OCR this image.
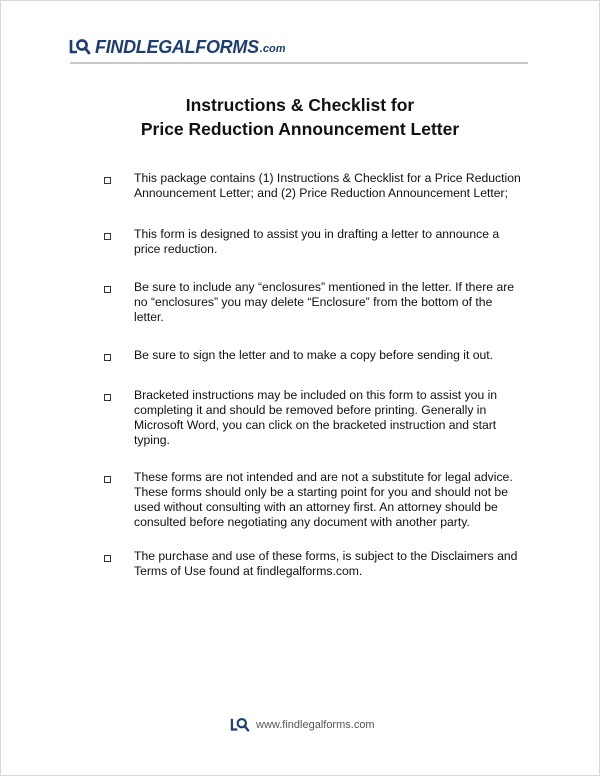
FINDLEGALFORMS .com
Instructions & Checklist for
Price Reduction Announcement Letter
This package contains (1) Instructions & Checklist for a Price Reduction
Announcement Letter; and (2) Price Reduction Announcement Letter;
This form is designed to assist you in drafting a letter to announce a
price reduction.
Be sure to include any “enclosures” mentioned in the letter. If there are
no “enclosures” you may delete “Enclosure” from the bottom of the letter.
Be sure to sign the letter and to make a copy before sending it out.
Bracketed instructions may be included on this form to assist you in
completing it and should be removed before printing. Generally in
Microsoft Word, you can click on the bracketed instruction and start
typing.
These forms are not intended and are not a substitute for legal advice.
These forms should only be a starting point for you and should not be
used without consulting with an attorney first. An attorney should be
consulted before negotiating any document with another party.
The purchase and use of these forms, is subject to the Disclaimers and
Terms of Use found at findlegalforms.com.
www.findlegalforms.com
